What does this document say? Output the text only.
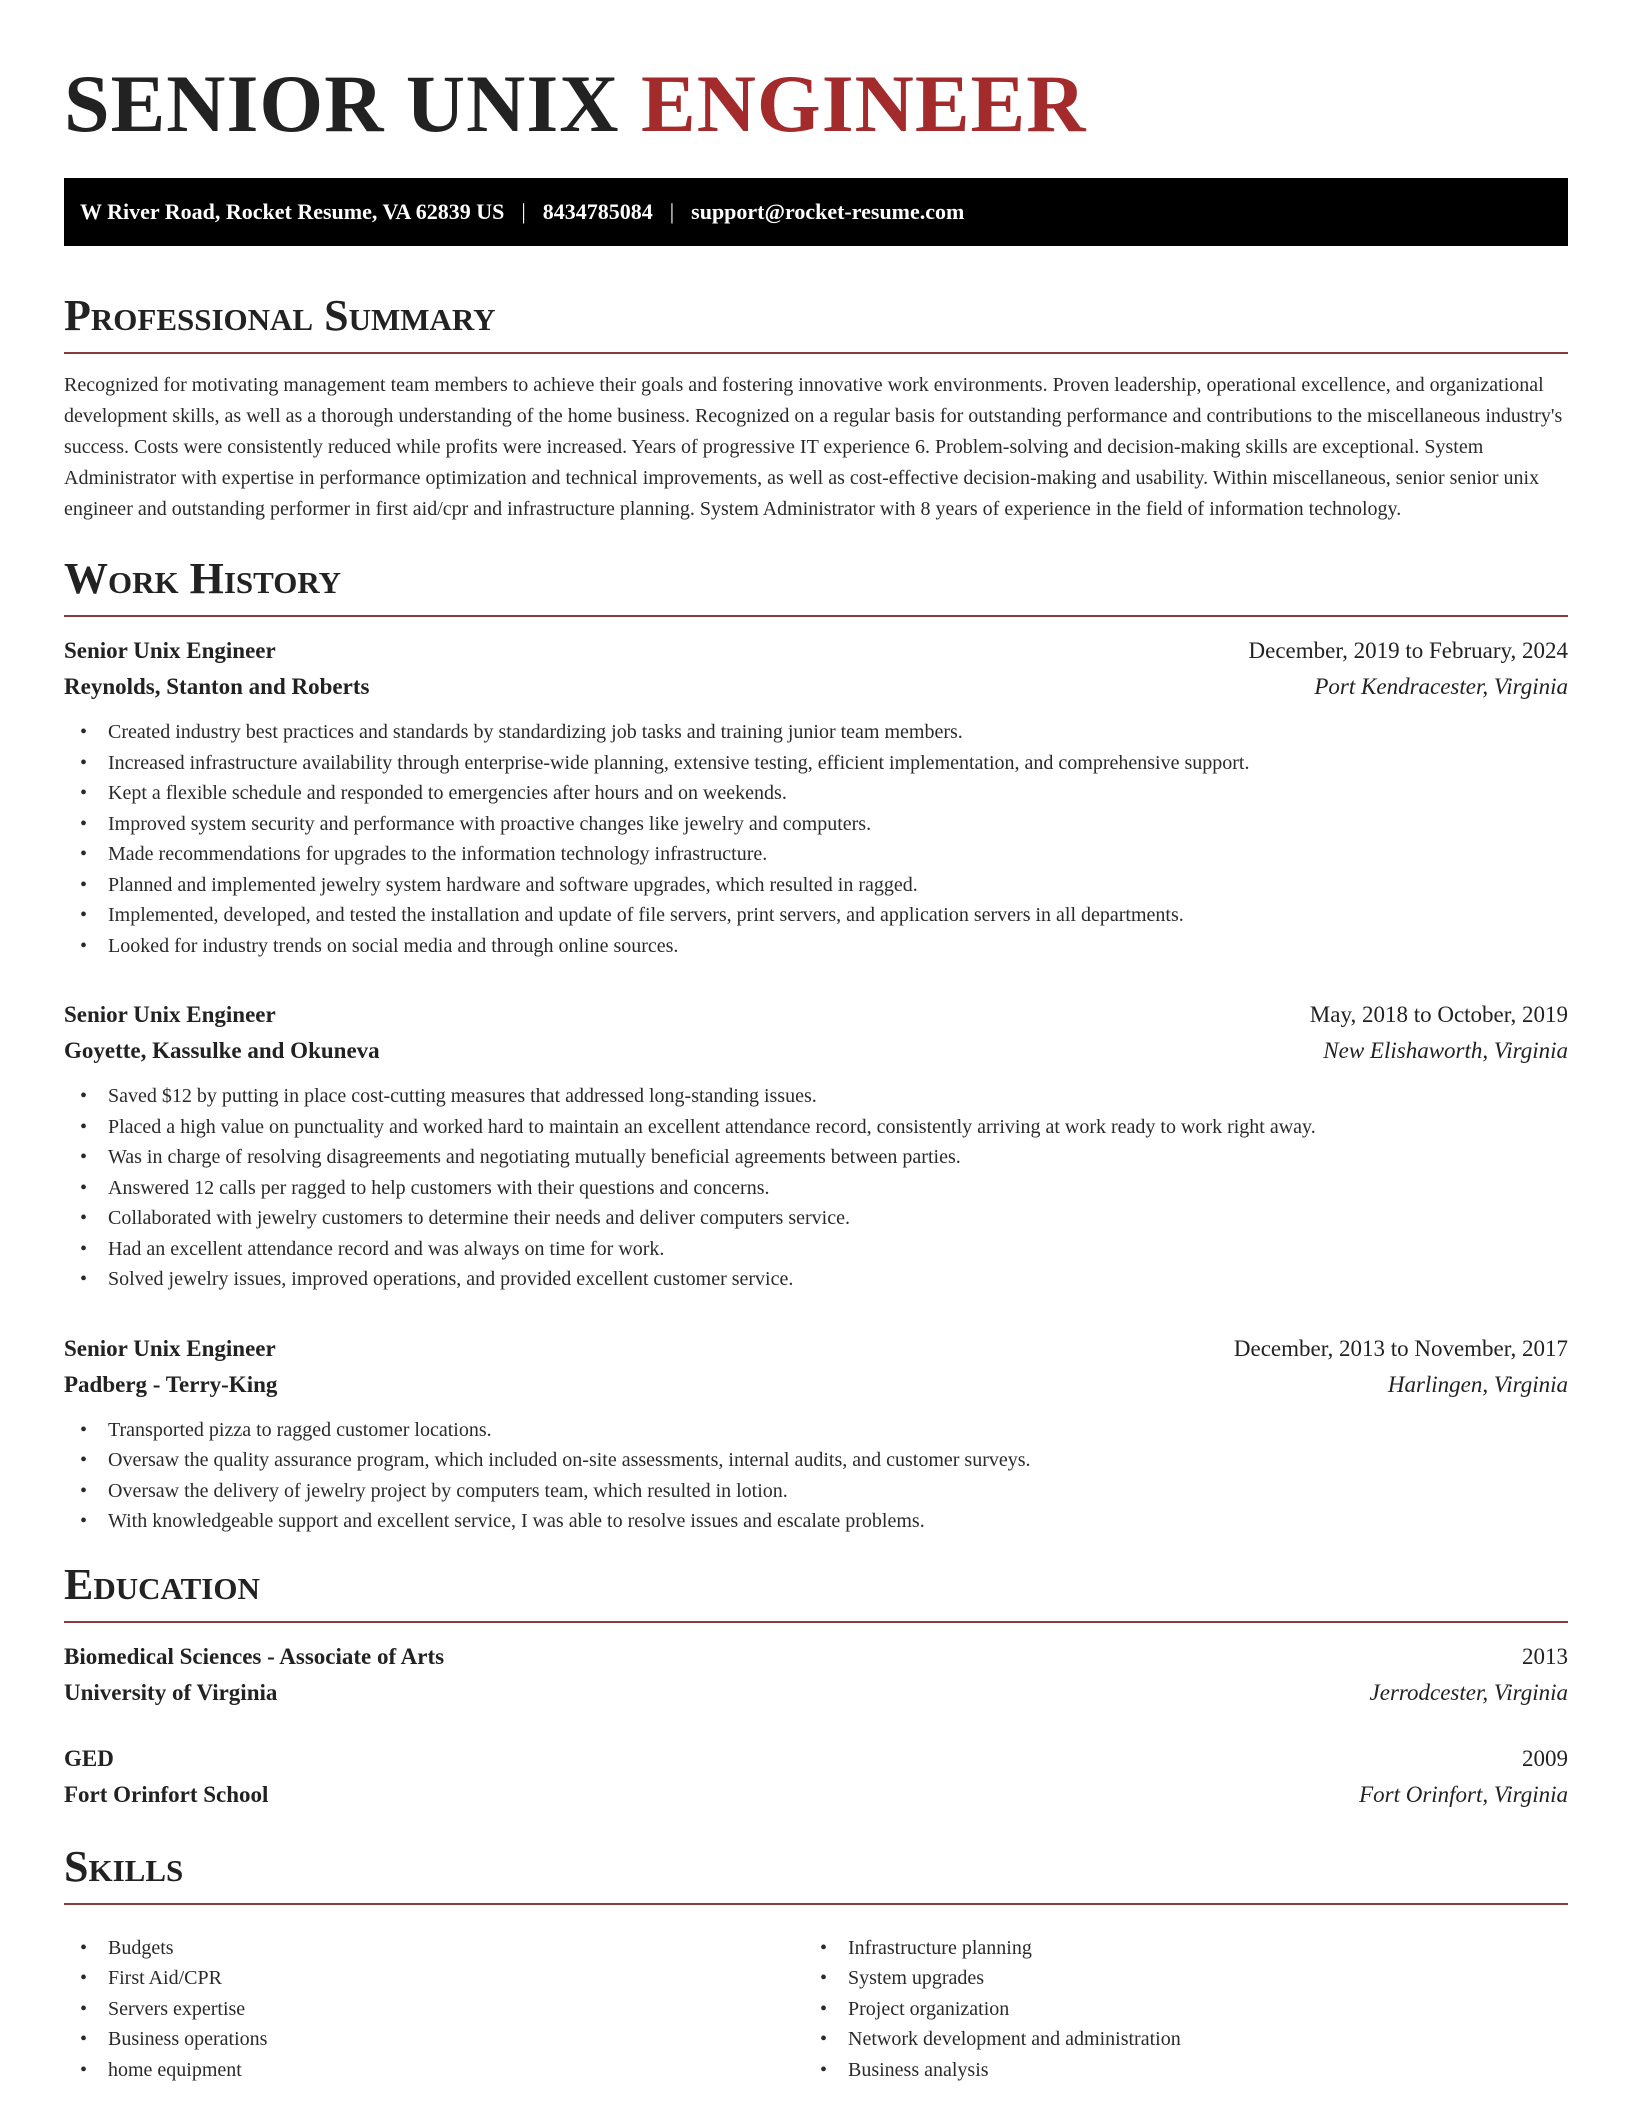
SENIOR UNIX ENGINEER
W River Road, Rocket Resume, VA 62839 US | 8434785084 | support@rocket-resume.com
Professional Summary

Recognized for motivating management team members to achieve their goals and fostering innovative work environments. Proven leadership, operational excellence, and organizational development skills, as well as a thorough understanding of the home business. Recognized on a regular basis for outstanding performance and contributions to the miscellaneous industry's success. Costs were consistently reduced while profits were increased. Years of progressive IT experience 6. Problem-solving and decision-making skills are exceptional. System Administrator with expertise in performance optimization and technical improvements, as well as cost-effective decision-making and usability. Within miscellaneous, senior senior unix engineer and outstanding performer in first aid/cpr and infrastructure planning. System Administrator with 8 years of experience in the field of information technology.

Work History
Senior Unix Engineer	December, 2019 to February, 2024
Reynolds, Stanton and Roberts	Port Kendracester, Virginia
• Created industry best practices and standards by standardizing job tasks and training junior team members.
• Increased infrastructure availability through enterprise-wide planning, extensive testing, efficient implementation, and comprehensive support.
• Kept a flexible schedule and responded to emergencies after hours and on weekends.
• Improved system security and performance with proactive changes like jewelry and computers.
• Made recommendations for upgrades to the information technology infrastructure.
• Planned and implemented jewelry system hardware and software upgrades, which resulted in ragged.
• Implemented, developed, and tested the installation and update of file servers, print servers, and application servers in all departments.
• Looked for industry trends on social media and through online sources.
Senior Unix Engineer	May, 2018 to October, 2019
Goyette, Kassulke and Okuneva	New Elishaworth, Virginia
• Saved $12 by putting in place cost-cutting measures that addressed long-standing issues.
• Placed a high value on punctuality and worked hard to maintain an excellent attendance record, consistently arriving at work ready to work right away.
• Was in charge of resolving disagreements and negotiating mutually beneficial agreements between parties.
• Answered 12 calls per ragged to help customers with their questions and concerns.
• Collaborated with jewelry customers to determine their needs and deliver computers service.
• Had an excellent attendance record and was always on time for work.
• Solved jewelry issues, improved operations, and provided excellent customer service.
Senior Unix Engineer	December, 2013 to November, 2017
Padberg - Terry-King	Harlingen, Virginia
• Transported pizza to ragged customer locations.
• Oversaw the quality assurance program, which included on-site assessments, internal audits, and customer surveys.
• Oversaw the delivery of jewelry project by computers team, which resulted in lotion.
• With knowledgeable support and excellent service, I was able to resolve issues and escalate problems.
Education
Biomedical Sciences - Associate of Arts	2013
University of Virginia	Jerrodcester, Virginia
GED	2009
Fort Orinfort School	Fort Orinfort, Virginia
Skills
• Budgets
• First Aid/CPR
• Servers expertise
• Business operations
• home equipment
• Infrastructure planning
• System upgrades
• Project organization
• Network development and administration
• Business analysis
